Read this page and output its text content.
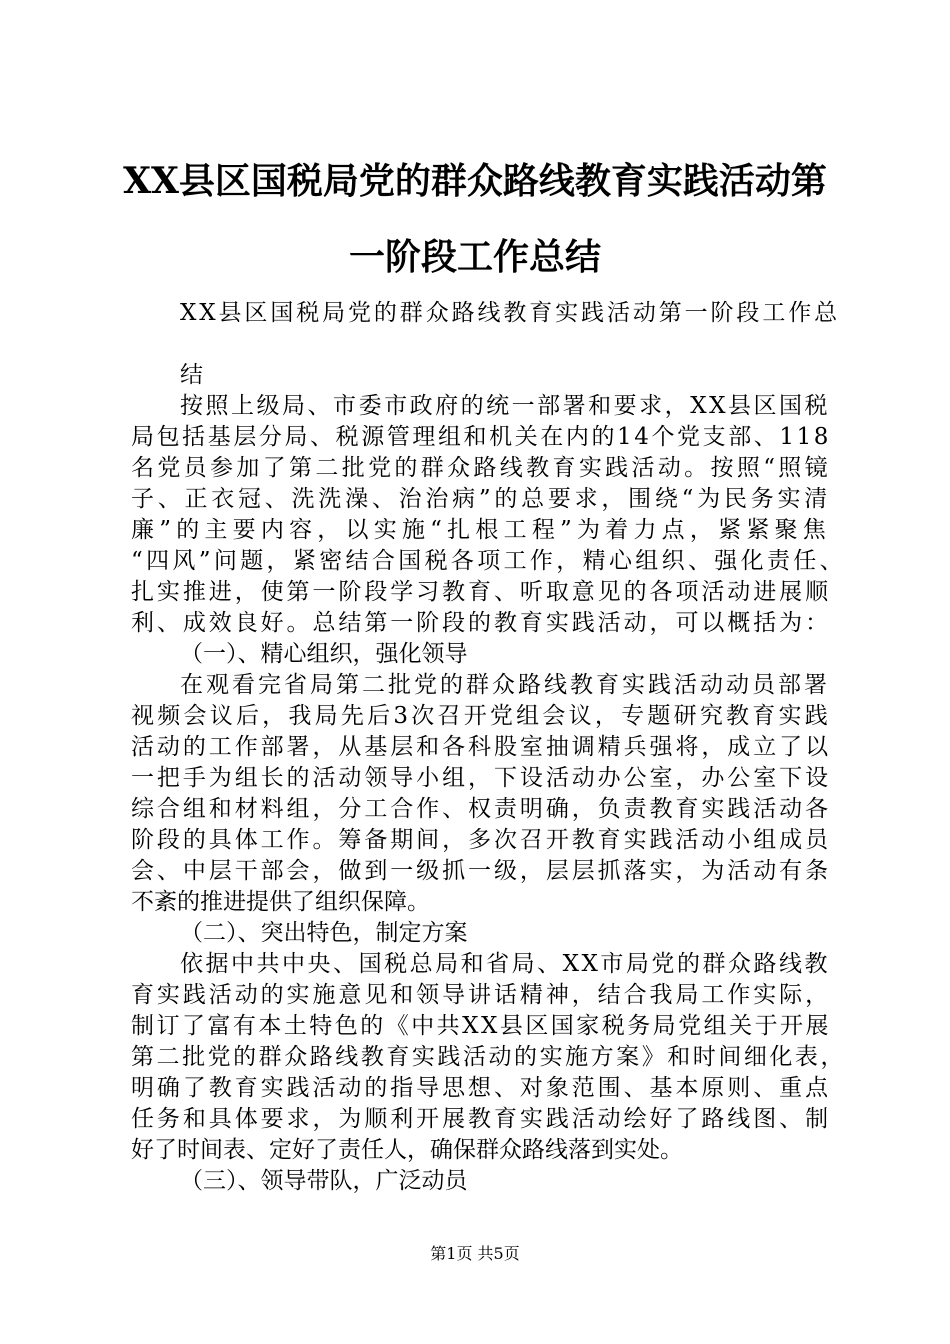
XX县区国税局党的群众路线教育实践活动第
一阶段工作总结
XX县区国税局党的群众路线教育实践活动第一阶段工作总
结
按照上级局、市委市政府的统一部署和要求，XX县区国税
局包括基层分局、税源管理组和机关在内的14个党支部、118
名党员参加了第二批党的群众路线教育实践活动。按照“照镜
子、正衣冠、洗洗澡、治治病”的总要求，围绕“为民务实清
廉”的主要内容，以实施“扎根工程”为着力点，紧紧聚焦
“四风”问题，紧密结合国税各项工作，精心组织、强化责任、
扎实推进，使第一阶段学习教育、听取意见的各项活动进展顺
利、成效良好。总结第一阶段的教育实践活动，可以概括为：
（一）、精心组织，强化领导
在观看完省局第二批党的群众路线教育实践活动动员部署
视频会议后，我局先后3次召开党组会议，专题研究教育实践
活动的工作部署，从基层和各科股室抽调精兵强将，成立了以
一把手为组长的活动领导小组，下设活动办公室，办公室下设
综合组和材料组，分工合作、权责明确，负责教育实践活动各
阶段的具体工作。筹备期间，多次召开教育实践活动小组成员
会、中层干部会，做到一级抓一级，层层抓落实，为活动有条
不紊的推进提供了组织保障。
（二）、突出特色，制定方案
依据中共中央、国税总局和省局、XX市局党的群众路线教
育实践活动的实施意见和领导讲话精神，结合我局工作实际，
制订了富有本土特色的《中共XX县区国家税务局党组关于开展
第二批党的群众路线教育实践活动的实施方案》和时间细化表，
明确了教育实践活动的指导思想、对象范围、基本原则、重点
任务和具体要求，为顺利开展教育实践活动绘好了路线图、制
好了时间表、定好了责任人，确保群众路线落到实处。
（三）、领导带队，广泛动员
第1页 共5页
